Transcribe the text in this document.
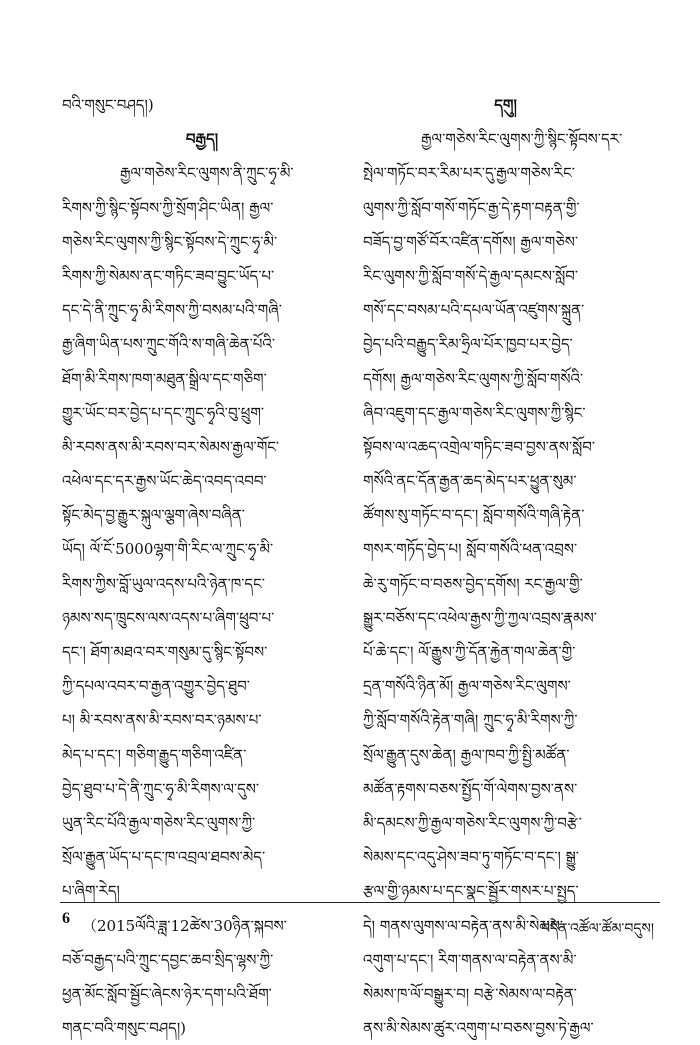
བའི་གསུང་བཤད།)
བརྒྱད།
རྒྱལ་གཅེས་རིང་ལུགས་ནི་ཀྲུང་ཧྭ་མི་
རིགས་ཀྱི་སྙིང་སྟོབས་ཀྱི་སྲོག་ཤིང་ཡིན། རྒྱལ་
གཅེས་རིང་ལུགས་ཀྱི་སྙིང་སྟོབས་དེ་ཀྲུང་ཧྭ་མི་
རིགས་ཀྱི་སེམས་ནང་གཏིང་ཟབ་བྱུང་ཡོད་པ་
དང་དེ་ནི་ཀྲུང་ཧྭ་མི་རིགས་ཀྱི་བསམ་པའི་གཞི་
རྒྱ་ཞིག་ཡིན་པས་ཀྲུང་གོའི་ས་གཞི་ཆེན་པོའི་
ཐོག་མི་རིགས་ཁག་མཐུན་སྒྲིལ་དང་གཅིག་
གྱུར་ཡོང་བར་བྱེད་པ་དང་ཀྲུང་ཧྭའི་བུ་ཕྲུག་
མི་རབས་ནས་མི་རབས་བར་སེམས་རྒྱལ་གོང་
འཕེལ་དང་དར་རྒྱས་ཡོང་ཆེད་འབད་འབབ་
སྟོང་མེད་བྱ་རྒྱུར་སྐུལ་ལྕག་ཞེས་བཞིན་
ཡོད། ལོ་ངོ་5000ལྷག་གི་རིང་ལ་ཀྲུང་ཧྭ་མི་
རིགས་ཀྱིས་བློ་ཡུལ་འདས་པའི་ཉེན་ཁ་དང་
ཉམས་སད་ཁྲུངས་ལས་འདས་པ་ཞིག་ཕྲུབ་པ་
དང་། ཐོག་མཐའ་བར་གསུམ་དུ་སྙིང་སྟོབས་
ཀྱི་དཔལ་འབར་བ་རྒྱན་འགྱུར་བྱེད་ཐུབ་
པ། མི་རབས་ནས་མི་རབས་བར་ཉམས་པ་
མེད་པ་དང་། གཅིག་རྒྱུད་གཅིག་འཛིན་
བྱེད་ཐུབ་པ་དེ་ནི་ཀྲུང་ཧྭ་མི་རིགས་ལ་དུས་
ཡུན་རིང་པོའི་རྒྱལ་གཅེས་རིང་ལུགས་ཀྱི་
སྲོལ་རྒྱུན་ཡོད་པ་དང་ཁ་འབྲལ་ཐབས་མེད་
པ་ཞིག་རེད།
（2015ལོའི་ཟླ་12ཚེས་30ཉིན་སྐབས་
བཅོ་བརྒྱད་པའི་ཀྲུང་དབྱང་ཆབ་སྲིད་ལྷས་ཀྱི་
ཕྱན་མོང་སློབ་སྦྱོང་ཞེངས་ཉེར་དག་པའི་ཐོག་
གནང་བའི་གསུང་བཤད།)
དགུ།
རྒྱལ་གཅེས་རིང་ལུགས་ཀྱི་སྙིང་སྟོབས་དར་
སྤེལ་གཏོང་བར་རིམ་པར་དུ་རྒྱལ་གཅེས་རིང་
ལུགས་ཀྱི་སློབ་གསོ་གཏོང་རྒྱ་དེ་རྟག་བརྟན་གྱི་
བཟོད་བྱ་གཙོ་བོར་འཛིན་དགོས། རྒྱལ་གཅེས་
རིང་ལུགས་ཀྱི་སློབ་གསོ་དེ་རྒྱལ་དམངས་སློབ་
གསོ་དང་བསམ་པའི་དཔལ་ཡོན་འཛུགས་སྐྲུན་
བྱེད་པའི་བརྒྱུད་རིམ་ཧྲིལ་པོར་ཁྱབ་པར་བྱེད་
དགོས། རྒྱལ་གཅེས་རིང་ལུགས་ཀྱི་སློབ་གསོའི་
ཞིབ་འཇུག་དང་རྒྱལ་གཅེས་རིང་ལུགས་ཀྱི་སྙིང་
སྟོབས་ལ་འཆད་འགྲེལ་གཏིང་ཟབ་བྱས་ནས་སློབ་
གསོའི་ནང་དོན་རྒྱན་ཆད་མེད་པར་ཕྱུན་སུམ་
ཚོགས་སུ་གཏོང་བ་དང་། སློབ་གསོའི་གཞི་རྟེན་
གསར་གཏོད་བྱེད་པ། སློབ་གསོའི་ཕན་འབྲས་
ཆེ་རུ་གཏོང་བ་བཅས་བྱེད་དགོས། རང་རྒྱལ་གྱི་
སྒྱུར་བཅོས་དང་འཕེལ་རྒྱས་ཀྱི་ཀྱལ་འབྲས་རྣམས་
པོ་ཆེ་དང་། ལོ་རྒྱུས་ཀྱི་དོན་རྐྱེན་གལ་ཆེན་གྱི་
དྲན་གསོའི་ཉིན་མོ། རྒྱལ་གཅེས་རིང་ལུགས་
ཀྱི་སློབ་གསོའི་རྟེན་གཞི། ཀྲུང་ཧྭ་མི་རིགས་ཀྱི་
སྲོལ་རྒྱུན་དུས་ཆེན། རྒྱལ་ཁབ་ཀྱི་སྤྱི་མཚོན་
མཚོན་རྟགས་བཅས་སྤྱོད་གོ་ལེགས་བྱས་ནས་
མི་དམངས་ཀྱི་རྒྱལ་གཅེས་རིང་ལུགས་ཀྱི་བརྩེ་
སེམས་དང་འདུ་ཤེས་ཟབ་ཏུ་གཏོང་བ་དང་། སྒྱུ་
རྩལ་གྱི་ཉམས་པ་དང་སྣང་སྦྱོར་གསར་པ་སྤྱད་
དེ། གནས་ལུགས་ལ་བརྟེན་ནས་མི་སེམས་
འགུག་པ་དང་། རིག་གནས་ལ་བརྟེན་ནས་མི་
སེམས་ཁ་ལོ་བསྒྱུར་བ། བརྩེ་སེམས་ལ་བརྟེན་
ནས་མི་སེམས་ཚུར་འགུག་པ་བཅས་བྱས་ཏེ་རྒྱལ་
6
བདེན་འཚོལ་ཚོམ་བདུས།
